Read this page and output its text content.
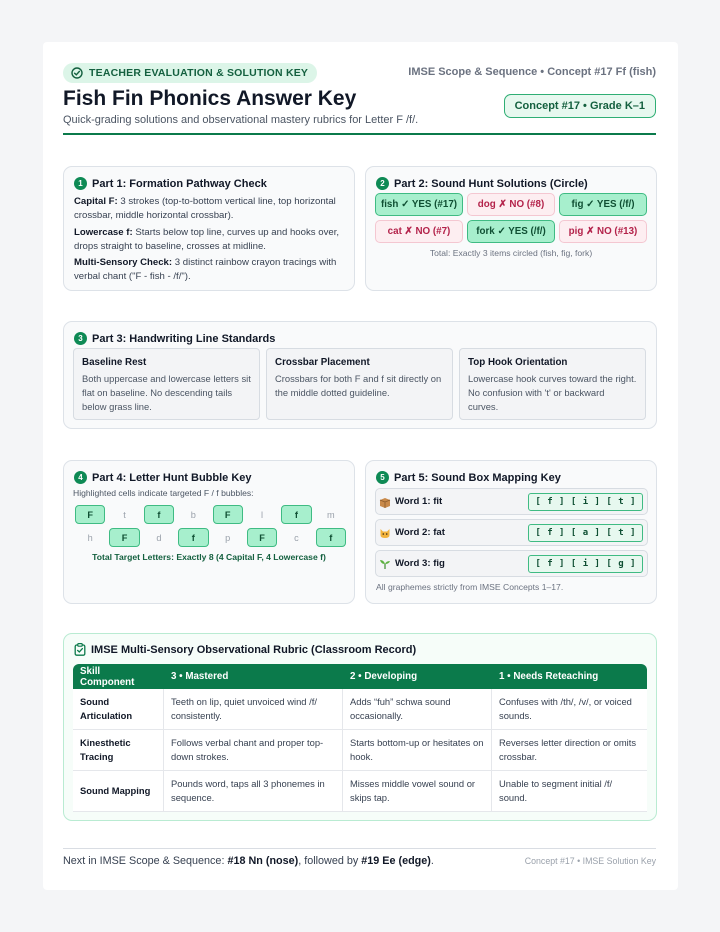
TEACHER EVALUATION & SOLUTION KEY	IMSE Scope & Sequence • Concept #17 Ff (fish)
Fish Fin Phonics Answer Key
Quick-grading solutions and observational mastery rubrics for Letter F /f/.
Concept #17 • Grade K–1
1 Part 1: Formation Pathway Check

Capital F: 3 strokes (top-to-bottom vertical line, top horizontal crossbar, middle horizontal crossbar).

Lowercase f: Starts below top line, curves up and hooks over, drops straight to baseline, crosses at midline.

Multi-Sensory Check: 3 distinct rainbow crayon tracings with verbal chant ("F - fish - /f/").

2 Part 2: Sound Hunt Solutions (Circle)
fish ✓ YES (#17)	dog ✗ NO (#8)	fig ✓ YES (/f/)
cat ✗ NO (#7)	fork ✓ YES (/f/)	pig ✗ NO (#13)
Total: Exactly 3 items circled (fish, fig, fork)
3 Part 3: Handwriting Line Standards
Baseline Rest
Both uppercase and lowercase letters sit flat on baseline. No descending tails below grass line.
Crossbar Placement
Crossbars for both F and f sit directly on the middle dotted guideline.
Top Hook Orientation
Lowercase hook curves toward the right. No confusion with 't' or backward curves.
4 Part 4: Letter Hunt Bubble Key
Highlighted cells indicate targeted F / f bubbles:
F	t	f	b	F	l	f	m
h	F	d	f	p	F	c	f
Total Target Letters: Exactly 8 (4 Capital F, 4 Lowercase f)
5 Part 5: Sound Box Mapping Key
Word 1: fit	[ f ] [ i ] [ t ]
Word 2: fat	[ f ] [ a ] [ t ]
Word 3: fig	[ f ] [ i ] [ g ]
All graphemes strictly from IMSE Concepts 1–17.
IMSE Multi-Sensory Observational Rubric (Classroom Record)
Skill Component	3 • Mastered	2 • Developing	1 • Needs Reteaching
Sound Articulation	Teeth on lip, quiet unvoiced wind /f/ consistently.	Adds “fuh” schwa sound occasionally.	Confuses with /th/, /v/, or voiced sounds.
Kinesthetic Tracing	Follows verbal chant and proper top-down strokes.	Starts bottom-up or hesitates on hook.	Reverses letter direction or omits crossbar.
Sound Mapping	Pounds word, taps all 3 phonemes in sequence.	Misses middle vowel sound or skips tap.	Unable to segment initial /f/ sound.
Next in IMSE Scope & Sequence: #18 Nn (nose), followed by #19 Ee (edge).	Concept #17 • IMSE Solution Key
